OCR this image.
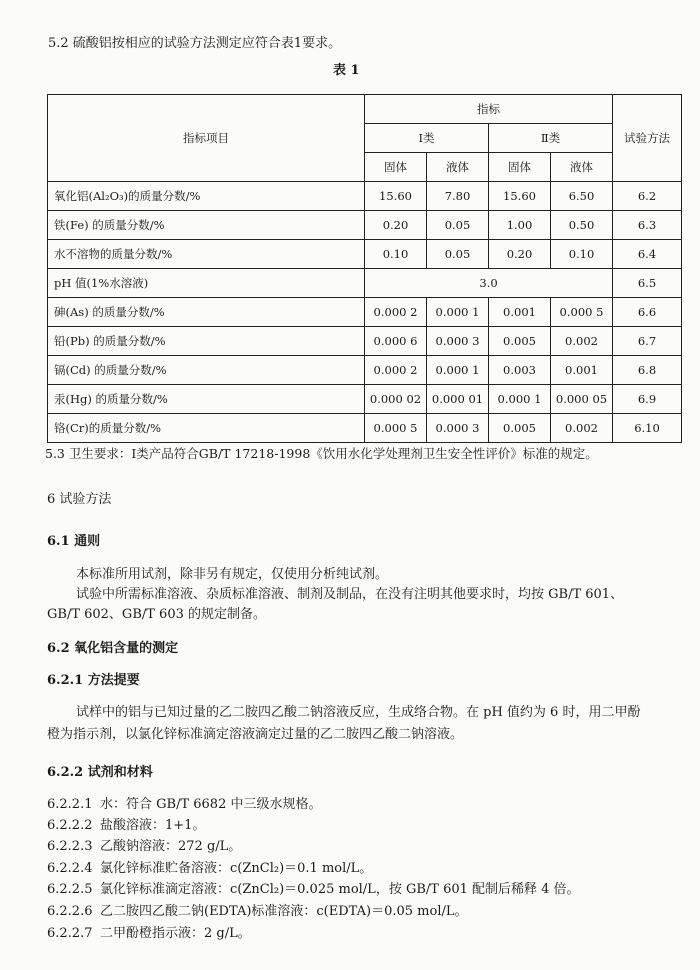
5.2 硫酸铝按相应的试验方法测定应符合表1要求。
表 1
指标项目	指标				试验方法
	Ⅰ类		Ⅱ类		
	固体	液体	固体	液体	
氧化铝(Al₂O₃)的质量分数/%		15.60	7.80	15.60	6.50	6.2
铁(Fe) 的质量分数/%		0.20	0.05	1.00	0.50	6.3
水不溶物的质量分数/%		0.10	0.05	0.20	0.10	6.4
pH 值(1%水溶液)		3.0				6.5
砷(As) 的质量分数/%		0.000 2	0.000 1	0.001	0.000 5	6.6
铅(Pb) 的质量分数/%		0.000 6	0.000 3	0.005	0.002	6.7
镉(Cd) 的质量分数/%		0.000 2	0.000 1	0.003	0.001	6.8
汞(Hg) 的质量分数/%		0.000 02	0.000 01	0.000 1	0.000 05	6.9
铬(Cr)的质量分数/%		0.000 5	0.000 3	0.005	0.002	6.10
5.3 卫生要求：Ⅰ类产品符合GB/T 17218-1998《饮用水化学处理剂卫生安全性评价》标准的规定。
6 试验方法
6.1 通则
本标准所用试剂，除非另有规定，仅使用分析纯试剂。
试验中所需标准溶液、杂质标准溶液、制剂及制品，在没有注明其他要求时，均按 GB/T 601、
GB/T 602、GB/T 603 的规定制备。
6.2 氧化铝含量的测定
6.2.1 方法提要
试样中的铝与已知过量的乙二胺四乙酸二钠溶液反应，生成络合物。在 pH 值约为 6 时，用二甲酚
橙为指示剂，以氯化锌标准滴定溶液滴定过量的乙二胺四乙酸二钠溶液。
6.2.2 试剂和材料
6.2.2.1 水：符合 GB/T 6682 中三级水规格。
6.2.2.2 盐酸溶液：1+1。
6.2.2.3 乙酸钠溶液：272 g/L。
6.2.2.4 氯化锌标准贮备溶液：c(ZnCl₂)＝0.1 mol/L。
6.2.2.5 氯化锌标准滴定溶液：c(ZnCl₂)＝0.025 mol/L，按 GB/T 601 配制后稀释 4 倍。
6.2.2.6 乙二胺四乙酸二钠(EDTA)标准溶液：c(EDTA)＝0.05 mol/L。
6.2.2.7 二甲酚橙指示液：2 g/L。
